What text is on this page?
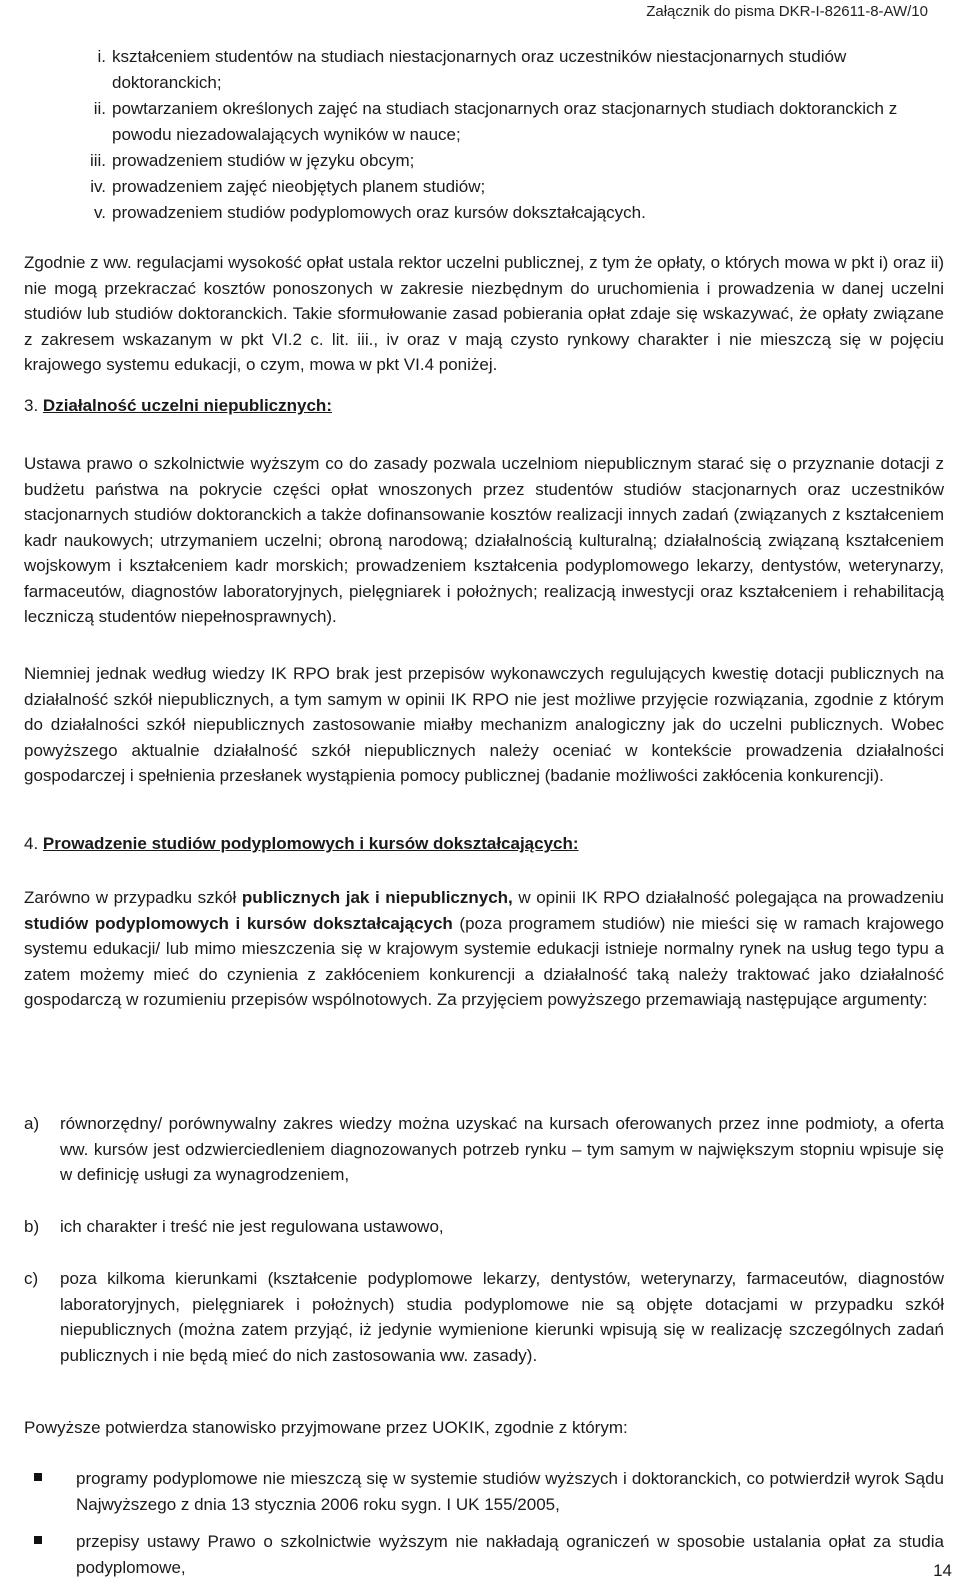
Załącznik do pisma DKR-I-82611-8-AW/10
i. kształceniem studentów na studiach niestacjonarnych oraz uczestników niestacjonarnych studiów doktoranckich;
ii. powtarzaniem określonych zajęć na studiach stacjonarnych oraz stacjonarnych studiach doktoranckich z powodu niezadowalających wyników w nauce;
iii. prowadzeniem studiów w języku obcym;
iv. prowadzeniem zajęć nieobjętych planem studiów;
v. prowadzeniem studiów podyplomowych oraz kursów dokształcających.

Zgodnie z ww. regulacjami wysokość opłat ustala rektor uczelni publicznej, z tym że opłaty, o których mowa w pkt i) oraz ii) nie mogą przekraczać kosztów ponoszonych w zakresie niezbędnym do uruchomienia i prowadzenia w danej uczelni studiów lub studiów doktoranckich. Takie sformułowanie zasad pobierania opłat zdaje się wskazywać, że opłaty związane z zakresem wskazanym w pkt VI.2 c. lit. iii., iv oraz v mają czysto rynkowy charakter i nie mieszczą się w pojęciu krajowego systemu edukacji, o czym, mowa w pkt VI.4 poniżej.

3. Działalność uczelni niepublicznych:

Ustawa prawo o szkolnictwie wyższym co do zasady pozwala uczelniom niepublicznym starać się o przyznanie dotacji z budżetu państwa na pokrycie części opłat wnoszonych przez studentów studiów stacjonarnych oraz uczestników stacjonarnych studiów doktoranckich a także dofinansowanie kosztów realizacji innych zadań (związanych z kształceniem kadr naukowych; utrzymaniem uczelni; obroną narodową; działalnością kulturalną; działalnością związaną kształceniem wojskowym i kształceniem kadr morskich; prowadzeniem kształcenia podyplomowego lekarzy, dentystów, weterynarzy, farmaceutów, diagnostów laboratoryjnych, pielęgniarek i położnych; realizacją inwestycji oraz kształceniem i rehabilitacją leczniczą studentów niepełnosprawnych).

Niemniej jednak według wiedzy IK RPO brak jest przepisów wykonawczych regulujących kwestię dotacji publicznych na działalność szkół niepublicznych, a tym samym w opinii IK RPO nie jest możliwe przyjęcie rozwiązania, zgodnie z którym do działalności szkół niepublicznych zastosowanie miałby mechanizm analogiczny jak do uczelni publicznych. Wobec powyższego aktualnie działalność szkół niepublicznych należy oceniać w kontekście prowadzenia działalności gospodarczej i spełnienia przesłanek wystąpienia pomocy publicznej (badanie możliwości zakłócenia konkurencji).

4. Prowadzenie studiów podyplomowych i kursów dokształcających:

Zarówno w przypadku szkół publicznych jak i niepublicznych, w opinii IK RPO działalność polegająca na prowadzeniu studiów podyplomowych i kursów dokształcających (poza programem studiów) nie mieści się w ramach krajowego systemu edukacji/ lub mimo mieszczenia się w krajowym systemie edukacji istnieje normalny rynek na usług tego typu a zatem możemy mieć do czynienia z zakłóceniem konkurencji a działalność taką należy traktować jako działalność gospodarczą w rozumieniu przepisów wspólnotowych. Za przyjęciem powyższego przemawiają następujące argumenty:

a)	równorzędny/ porównywalny zakres wiedzy można uzyskać na kursach oferowanych przez inne podmioty, a oferta ww. kursów jest odzwierciedleniem diagnozowanych potrzeb rynku – tym samym w największym stopniu wpisuje się w definicję usługi za wynagrodzeniem,
b)	ich charakter i treść nie jest regulowana ustawowo,
c)	poza kilkoma kierunkami (kształcenie podyplomowe lekarzy, dentystów, weterynarzy, farmaceutów, diagnostów laboratoryjnych, pielęgniarek i położnych) studia podyplomowe nie są objęte dotacjami w przypadku szkół niepublicznych (można zatem przyjąć, iż jedynie wymienione kierunki wpisują się w realizację szczególnych zadań publicznych i nie będą mieć do nich zastosowania ww. zasady).

Powyższe potwierdza stanowisko przyjmowane przez UOKIK, zgodnie z którym:

programy podyplomowe nie mieszczą się w systemie studiów wyższych i doktoranckich, co potwierdził wyrok Sądu Najwyższego z dnia 13 stycznia 2006 roku sygn. I UK 155/2005,
przepisy ustawy Prawo o szkolnictwie wyższym nie nakładają ograniczeń w sposobie ustalania opłat za studia podyplomowe,	14
